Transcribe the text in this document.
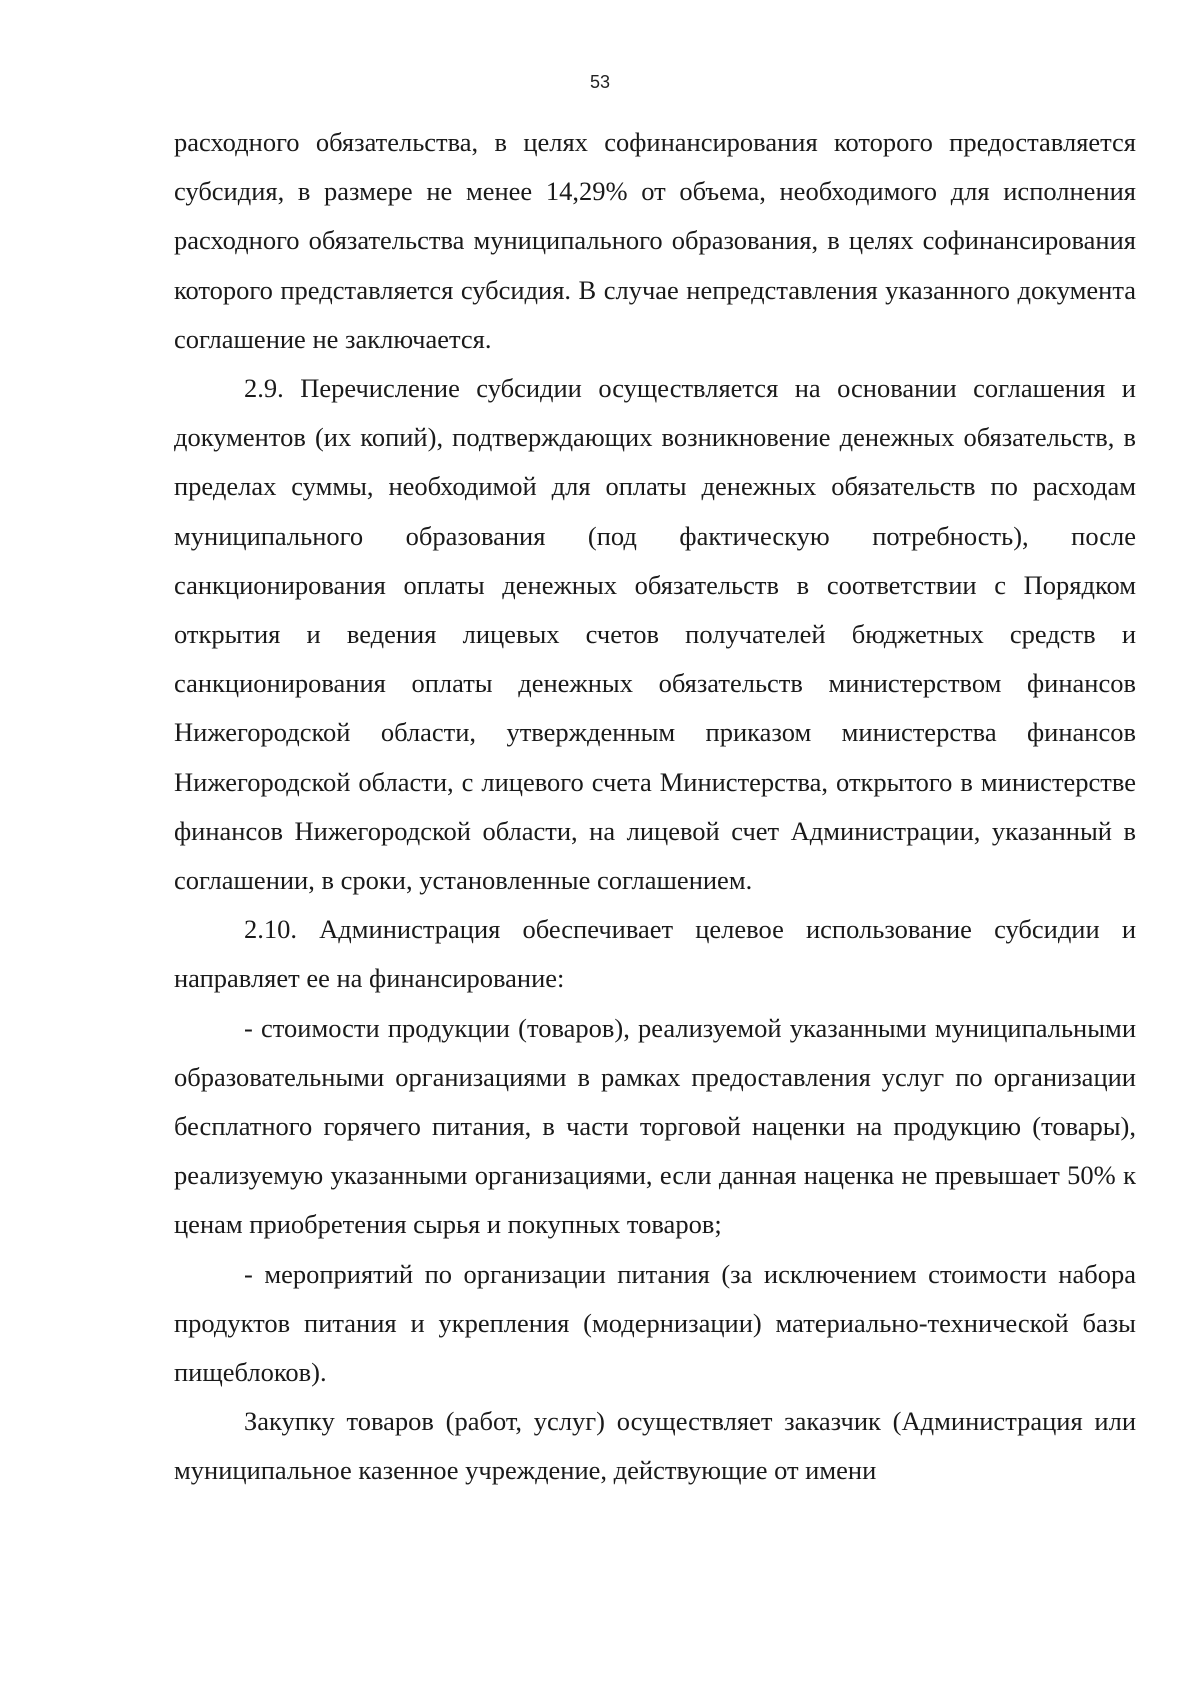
53

расходного обязательства, в целях софинансирования которого предоставляется субсидия, в размере не менее 14,29% от объема, необходимого для исполнения расходного обязательства муниципального образования, в целях софинансирования которого представляется субсидия. В случае непредставления указанного документа соглашение не заключается.

2.9. Перечисление субсидии осуществляется на основании соглашения и документов (их копий), подтверждающих возникновение денежных обязательств, в пределах суммы, необходимой для оплаты денежных обязательств по расходам муниципального образования (под фактическую потребность), после санкционирования оплаты денежных обязательств в соответствии с Порядком открытия и ведения лицевых счетов получателей бюджетных средств и санкционирования оплаты денежных обязательств министерством финансов Нижегородской области, утвержденным приказом министерства финансов Нижегородской области, с лицевого счета Министерства, открытого в министерстве финансов Нижегородской области, на лицевой счет Администрации, указанный в соглашении, в сроки, установленные соглашением.

2.10. Администрация обеспечивает целевое использование субсидии и направляет ее на финансирование:

- стоимости продукции (товаров), реализуемой указанными муниципальными образовательными организациями в рамках предоставления услуг по организации бесплатного горячего питания, в части торговой наценки на продукцию (товары), реализуемую указанными организациями, если данная наценка не превышает 50% к ценам приобретения сырья и покупных товаров;

- мероприятий по организации питания (за исключением стоимости набора продуктов питания и укрепления (модернизации) материально-технической базы пищеблоков).

Закупку товаров (работ, услуг) осуществляет заказчик (Администрация или муниципальное казенное учреждение, действующие от имени
